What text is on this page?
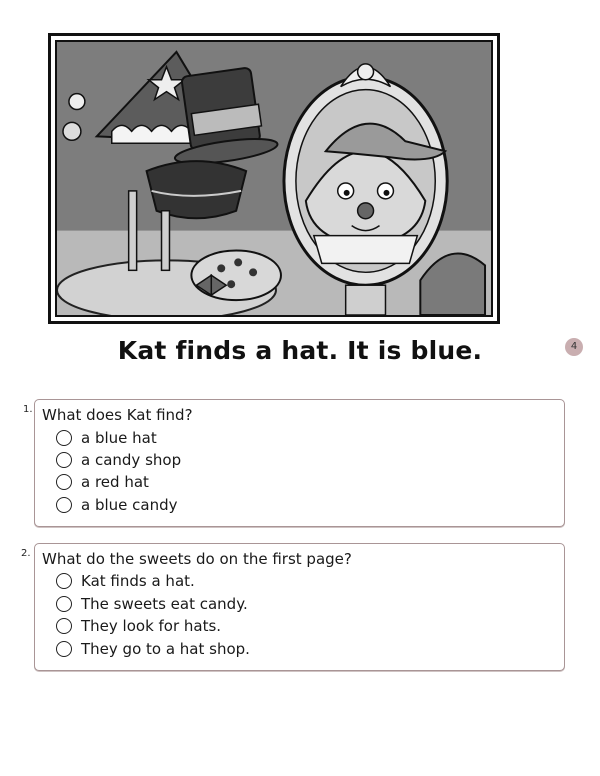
Kat finds a hat. It is blue.	4
1. What does Kat find?
a blue hat
a candy shop
a red hat
a blue candy
2. What do the sweets do on the first page?
Kat finds a hat.
The sweets eat candy.
They look for hats.
They go to a hat shop.
